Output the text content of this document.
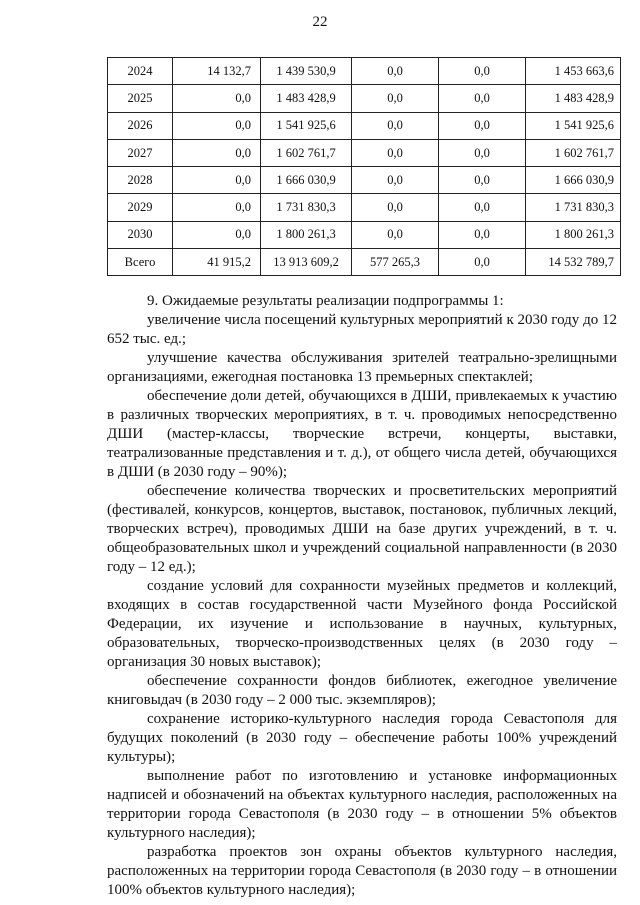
22
2024	14 132,7	1 439 530,9	0,0	0,0	1 453 663,6
2025	0,0	1 483 428,9	0,0	0,0	1 483 428,9
2026	0,0	1 541 925,6	0,0	0,0	1 541 925,6
2027	0,0	1 602 761,7	0,0	0,0	1 602 761,7
2028	0,0	1 666 030,9	0,0	0,0	1 666 030,9
2029	0,0	1 731 830,3	0,0	0,0	1 731 830,3
2030	0,0	1 800 261,3	0,0	0,0	1 800 261,3
Всего	41 915,2	13 913 609,2	577 265,3	0,0	14 532 789,7

9. Ожидаемые результаты реализации подпрограммы 1:

увеличение числа посещений культурных мероприятий к 2030 году до 12 652 тыс. ед.;

улучшение качества обслуживания зрителей театрально-зрелищными организациями, ежегодная постановка 13 премьерных спектаклей;

обеспечение доли детей, обучающихся в ДШИ, привлекаемых к участию в различных творческих мероприятиях, в т. ч. проводимых непосредственно ДШИ (мастер-классы, творческие встречи, концерты, выставки, театрализованные представления и т. д.), от общего числа детей, обучающихся в ДШИ (в 2030 году – 90%);

обеспечение количества творческих и просветительских мероприятий (фестивалей, конкурсов, концертов, выставок, постановок, публичных лекций, творческих встреч), проводимых ДШИ на базе других учреждений, в т. ч. общеобразовательных школ и учреждений социальной направленности (в 2030 году – 12 ед.);

создание условий для сохранности музейных предметов и коллекций, входящих в состав государственной части Музейного фонда Российской Федерации, их изучение и использование в научных, культурных, образовательных, творческо-производственных целях (в 2030 году – организация 30 новых выставок);

обеспечение сохранности фондов библиотек, ежегодное увеличение книговыдач (в 2030 году – 2 000 тыс. экземпляров);

сохранение историко-культурного наследия города Севастополя для будущих поколений (в 2030 году – обеспечение работы 100% учреждений культуры);

выполнение работ по изготовлению и установке информационных надписей и обозначений на объектах культурного наследия, расположенных на территории города Севастополя (в 2030 году – в отношении 5% объектов культурного наследия);

разработка проектов зон охраны объектов культурного наследия, расположенных на территории города Севастополя (в 2030 году – в отношении 100% объектов культурного наследия);
